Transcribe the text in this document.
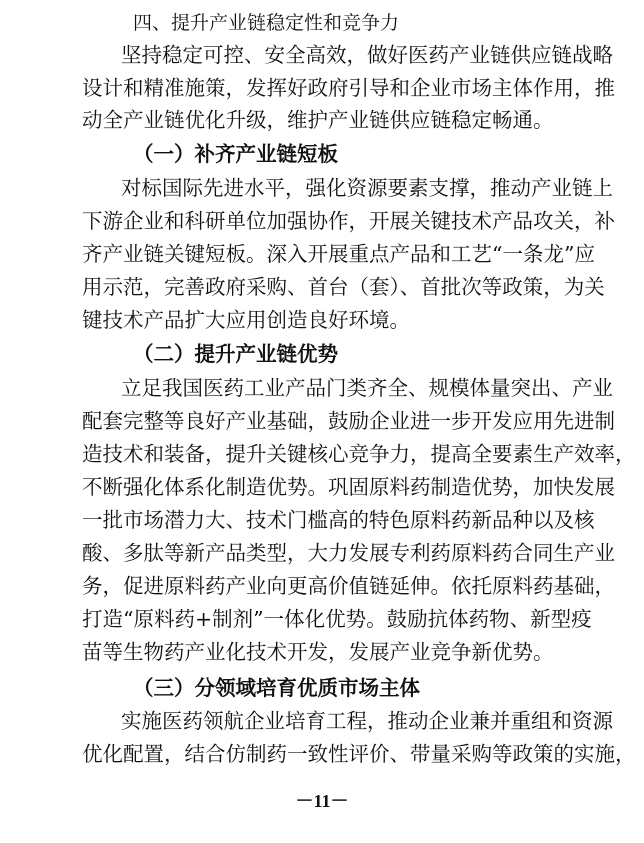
四、提升产业链稳定性和竞争力
坚持稳定可控、安全高效，做好医药产业链供应链战略
设计和精准施策，发挥好政府引导和企业市场主体作用，推
动全产业链优化升级，维护产业链供应链稳定畅通。
（一）补齐产业链短板
对标国际先进水平，强化资源要素支撑，推动产业链上
下游企业和科研单位加强协作，开展关键技术产品攻关，补
齐产业链关键短板。深入开展重点产品和工艺“一条龙”应
用示范，完善政府采购、首台（套）、首批次等政策，为关
键技术产品扩大应用创造良好环境。
（二）提升产业链优势
立足我国医药工业产品门类齐全、规模体量突出、产业
配套完整等良好产业基础，鼓励企业进一步开发应用先进制
造技术和装备，提升关键核心竞争力，提高全要素生产效率，
不断强化体系化制造优势。巩固原料药制造优势，加快发展
一批市场潜力大、技术门槛高的特色原料药新品种以及核
酸、多肽等新产品类型，大力发展专利药原料药合同生产业
务，促进原料药产业向更高价值链延伸。依托原料药基础，
打造“原料药+制剂”一体化优势。鼓励抗体药物、新型疫
苗等生物药产业化技术开发，发展产业竞争新优势。
（三）分领域培育优质市场主体
实施医药领航企业培育工程，推动企业兼并重组和资源
优化配置，结合仿制药一致性评价、带量采购等政策的实施，
－11－
